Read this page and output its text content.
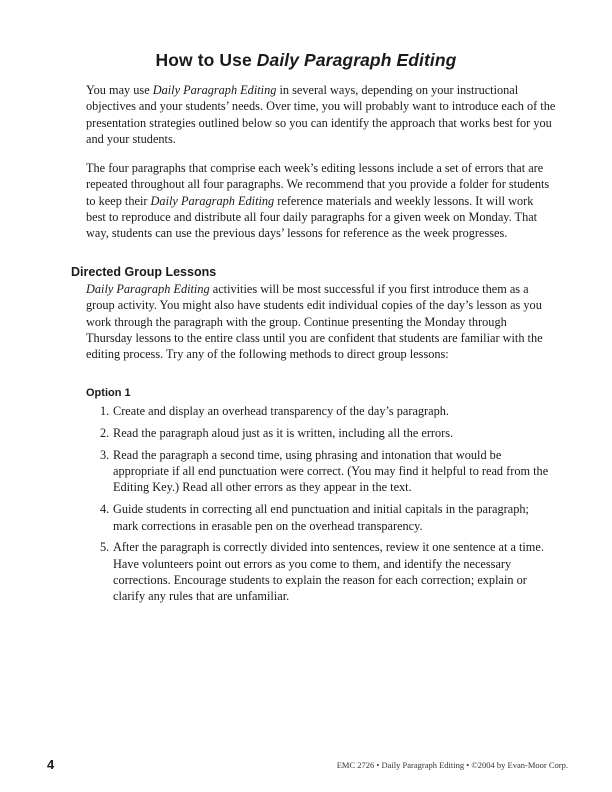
How to Use Daily Paragraph Editing
You may use Daily Paragraph Editing in several ways, depending on your instructional objectives and your students’ needs. Over time, you will probably want to introduce each of the presentation strategies outlined below so you can identify the approach that works best for you and your students.
The four paragraphs that comprise each week’s editing lessons include a set of errors that are repeated throughout all four paragraphs. We recommend that you provide a folder for students to keep their Daily Paragraph Editing reference materials and weekly lessons. It will work best to reproduce and distribute all four daily paragraphs for a given week on Monday. That way, students can use the previous days’ lessons for reference as the week progresses.
Directed Group Lessons
Daily Paragraph Editing activities will be most successful if you first introduce them as a group activity. You might also have students edit individual copies of the day’s lesson as you work through the paragraph with the group. Continue presenting the Monday through Thursday lessons to the entire class until you are confident that students are familiar with the editing process. Try any of the following methods to direct group lessons:
Option 1
1. Create and display an overhead transparency of the day’s paragraph.
2. Read the paragraph aloud just as it is written, including all the errors.
3. Read the paragraph a second time, using phrasing and intonation that would be appropriate if all end punctuation were correct. (You may find it helpful to read from the Editing Key.) Read all other errors as they appear in the text.
4. Guide students in correcting all end punctuation and initial capitals in the paragraph; mark corrections in erasable pen on the overhead transparency.
5. After the paragraph is correctly divided into sentences, review it one sentence at a time. Have volunteers point out errors as you come to them, and identify the necessary corrections. Encourage students to explain the reason for each correction; explain or clarify any rules that are unfamiliar.
4	EMC 2726 • Daily Paragraph Editing • ©2004 by Evan-Moor Corp.
